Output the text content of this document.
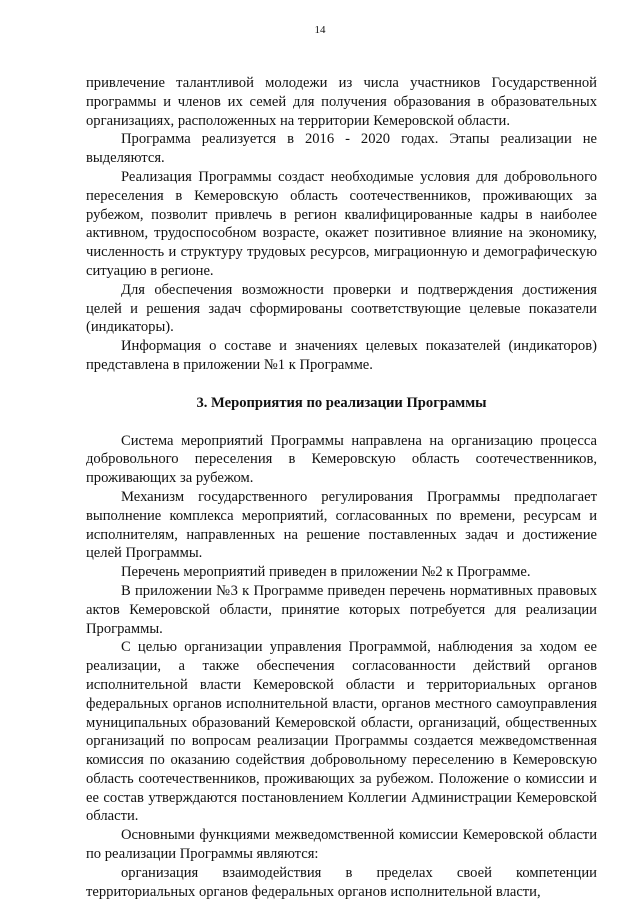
14

привлечение талантливой молодежи из числа участников Государственной программы и членов их семей для получения образования в образовательных организациях, расположенных на территории Кемеровской области.

Программа реализуется в 2016 - 2020 годах. Этапы реализации не выделяются.

Реализация Программы создаст необходимые условия для добровольного переселения в Кемеровскую область соотечественников, проживающих за рубежом, позволит привлечь в регион квалифицированные кадры в наиболее активном, трудоспособном возрасте, окажет позитивное влияние на экономику, численность и структуру трудовых ресурсов, миграционную и демографическую ситуацию в регионе.

Для обеспечения возможности проверки и подтверждения достижения целей и решения задач сформированы соответствующие целевые показатели (индикаторы).

Информация о составе и значениях целевых показателей (индикаторов) представлена в приложении №1 к Программе.

3. Мероприятия по реализации Программы

Система мероприятий Программы направлена на организацию процесса добровольного переселения в Кемеровскую область соотечественников, проживающих за рубежом.

Механизм государственного регулирования Программы предполагает выполнение комплекса мероприятий, согласованных по времени, ресурсам и исполнителям, направленных на решение поставленных задач и достижение целей Программы.

Перечень мероприятий приведен в приложении №2 к Программе.

В приложении №3 к Программе приведен перечень нормативных правовых актов Кемеровской области, принятие которых потребуется для реализации Программы.

С целью организации управления Программой, наблюдения за ходом ее реализации, а также обеспечения согласованности действий органов исполнительной власти Кемеровской области и территориальных органов федеральных органов исполнительной власти, органов местного самоуправления муниципальных образований Кемеровской области, организаций, общественных организаций по вопросам реализации Программы создается межведомственная комиссия по оказанию содействия добровольному переселению в Кемеровскую область соотечественников, проживающих за рубежом. Положение о комиссии и ее состав утверждаются постановлением Коллегии Администрации Кемеровской области.

Основными функциями межведомственной комиссии Кемеровской области по реализации Программы являются:

организация взаимодействия в пределах своей компетенции территориальных органов федеральных органов исполнительной власти,
